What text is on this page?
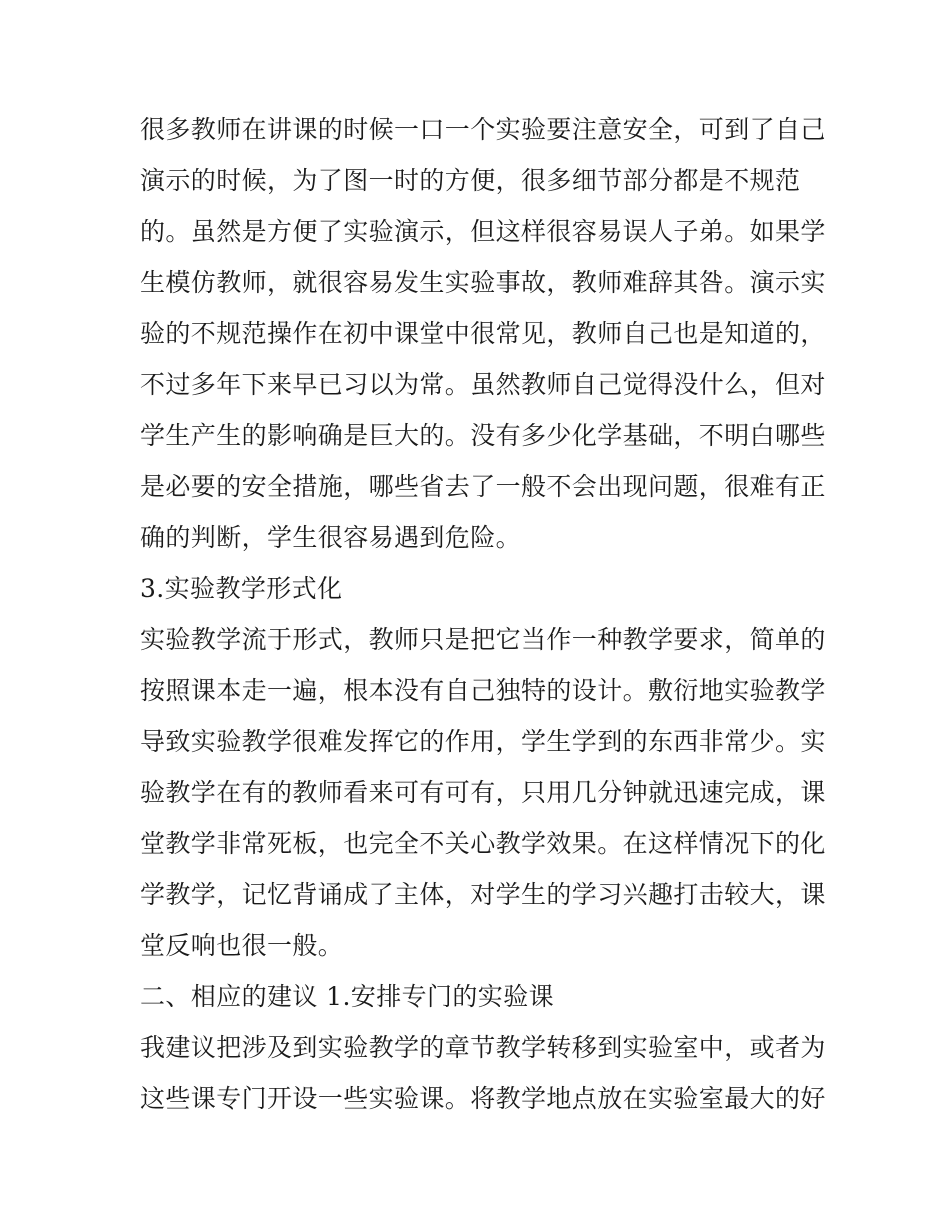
很多教师在讲课的时候一口一个实验要注意安全，可到了自己
演示的时候，为了图一时的方便，很多细节部分都是不规范
的。虽然是方便了实验演示，但这样很容易误人子弟。如果学
生模仿教师，就很容易发生实验事故，教师难辞其咎。演示实
验的不规范操作在初中课堂中很常见，教师自己也是知道的，
不过多年下来早已习以为常。虽然教师自己觉得没什么，但对
学生产生的影响确是巨大的。没有多少化学基础，不明白哪些
是必要的安全措施，哪些省去了一般不会出现问题，很难有正
确的判断，学生很容易遇到危险。
3.实验教学形式化
实验教学流于形式，教师只是把它当作一种教学要求，简单的
按照课本走一遍，根本没有自己独特的设计。敷衍地实验教学
导致实验教学很难发挥它的作用，学生学到的东西非常少。实
验教学在有的教师看来可有可有，只用几分钟就迅速完成，课
堂教学非常死板，也完全不关心教学效果。在这样情况下的化
学教学，记忆背诵成了主体，对学生的学习兴趣打击较大，课
堂反响也很一般。
二、相应的建议 1.安排专门的实验课
我建议把涉及到实验教学的章节教学转移到实验室中，或者为
这些课专门开设一些实验课。将教学地点放在实验室最大的好
